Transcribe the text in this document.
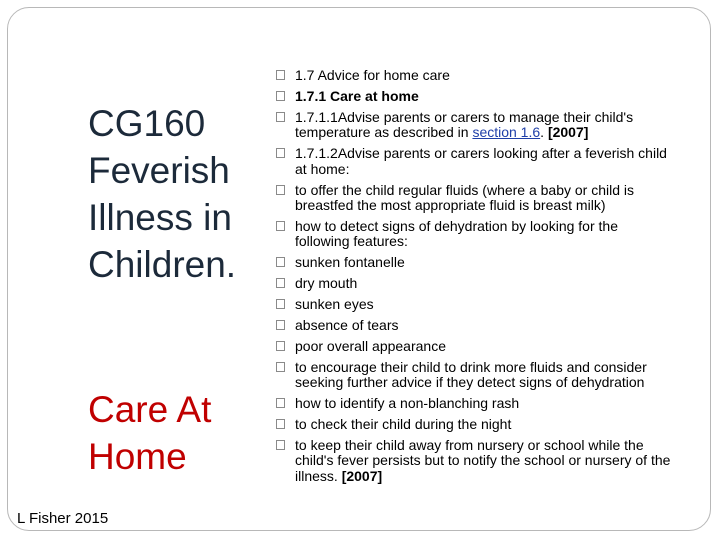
CG160 Feverish Illness in Children.
Care At Home
1.7 Advice for home care
1.7.1 Care at home
1.7.1.1Advise parents or carers to manage their child's temperature as described in section 1.6. [2007]
1.7.1.2Advise parents or carers looking after a feverish child at home:
to offer the child regular fluids (where a baby or child is breastfed the most appropriate fluid is breast milk)
how to detect signs of dehydration by looking for the following features:
sunken fontanelle
dry mouth
sunken eyes
absence of tears
poor overall appearance
to encourage their child to drink more fluids and consider seeking further advice if they detect signs of dehydration
how to identify a non-blanching rash
to check their child during the night
to keep their child away from nursery or school while the child's fever persists but to notify the school or nursery of the illness. [2007]
L Fisher 2015
